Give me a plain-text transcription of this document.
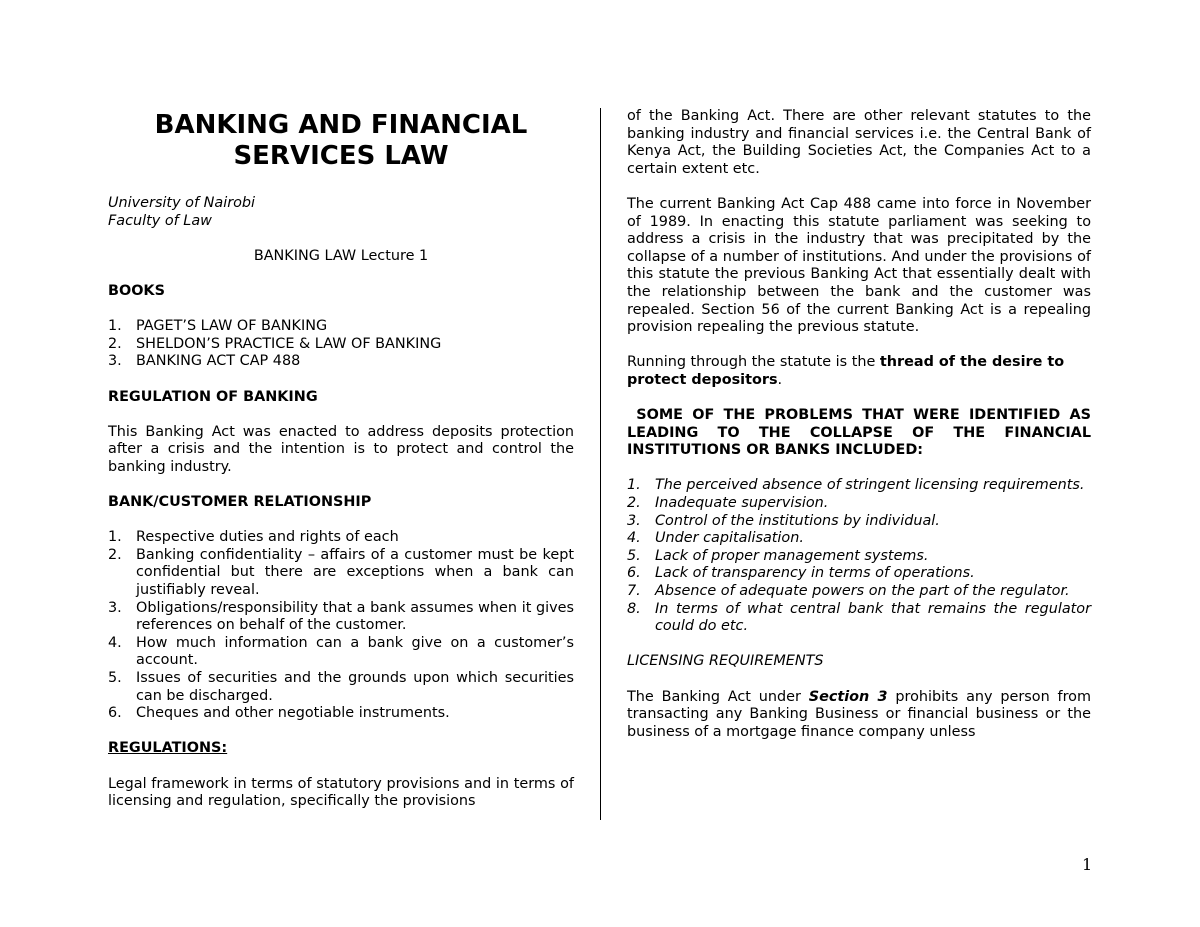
BANKING AND FINANCIAL
SERVICES LAW
University of Nairobi

Faculty of Law

BANKING LAW Lecture 1

BOOKS

1. PAGET’S LAW OF BANKING
2. SHELDON’S PRACTICE & LAW OF BANKING
3. BANKING ACT CAP 488

REGULATION OF BANKING

This Banking Act was enacted to address deposits protection after a crisis and the intention is to protect and control the banking industry.

BANK/CUSTOMER RELATIONSHIP

1. Respective duties and rights of each
2. Banking confidentiality – affairs of a customer must be kept confidential but there are exceptions when a bank can justifiably reveal.
3. Obligations/responsibility that a bank assumes when it gives references on behalf of the customer.
4. How much information can a bank give on a customer’s account.
5. Issues of securities and the grounds upon which securities can be discharged.
6. Cheques and other negotiable instruments.

REGULATIONS:

Legal framework in terms of statutory provisions and in terms of licensing and regulation, specifically the provisions

of the Banking Act. There are other relevant statutes to the banking industry and financial services i.e. the Central Bank of Kenya Act, the Building Societies Act, the Companies Act to a certain extent etc.

The current Banking Act Cap 488 came into force in November of 1989. In enacting this statute parliament was seeking to address a crisis in the industry that was precipitated by the collapse of a number of institutions. And under the provisions of this statute the previous Banking Act that essentially dealt with the relationship between the bank and the customer was repealed. Section 56 of the current Banking Act is a repealing provision repealing the previous statute.

Running through the statute is the thread of the desire to protect depositors.

SOME OF THE PROBLEMS THAT WERE IDENTIFIED AS LEADING TO THE COLLAPSE OF THE FINANCIAL INSTITUTIONS OR BANKS INCLUDED:

1. The perceived absence of stringent licensing requirements.
2. Inadequate supervision.
3. Control of the institutions by individual.
4. Under capitalisation.
5. Lack of proper management systems.
6. Lack of transparency in terms of operations.
7. Absence of adequate powers on the part of the regulator.
8. In terms of what central bank that remains the regulator could do etc.

LICENSING REQUIREMENTS

The Banking Act under Section 3 prohibits any person from transacting any Banking Business or financial business or the business of a mortgage finance company unless

1
